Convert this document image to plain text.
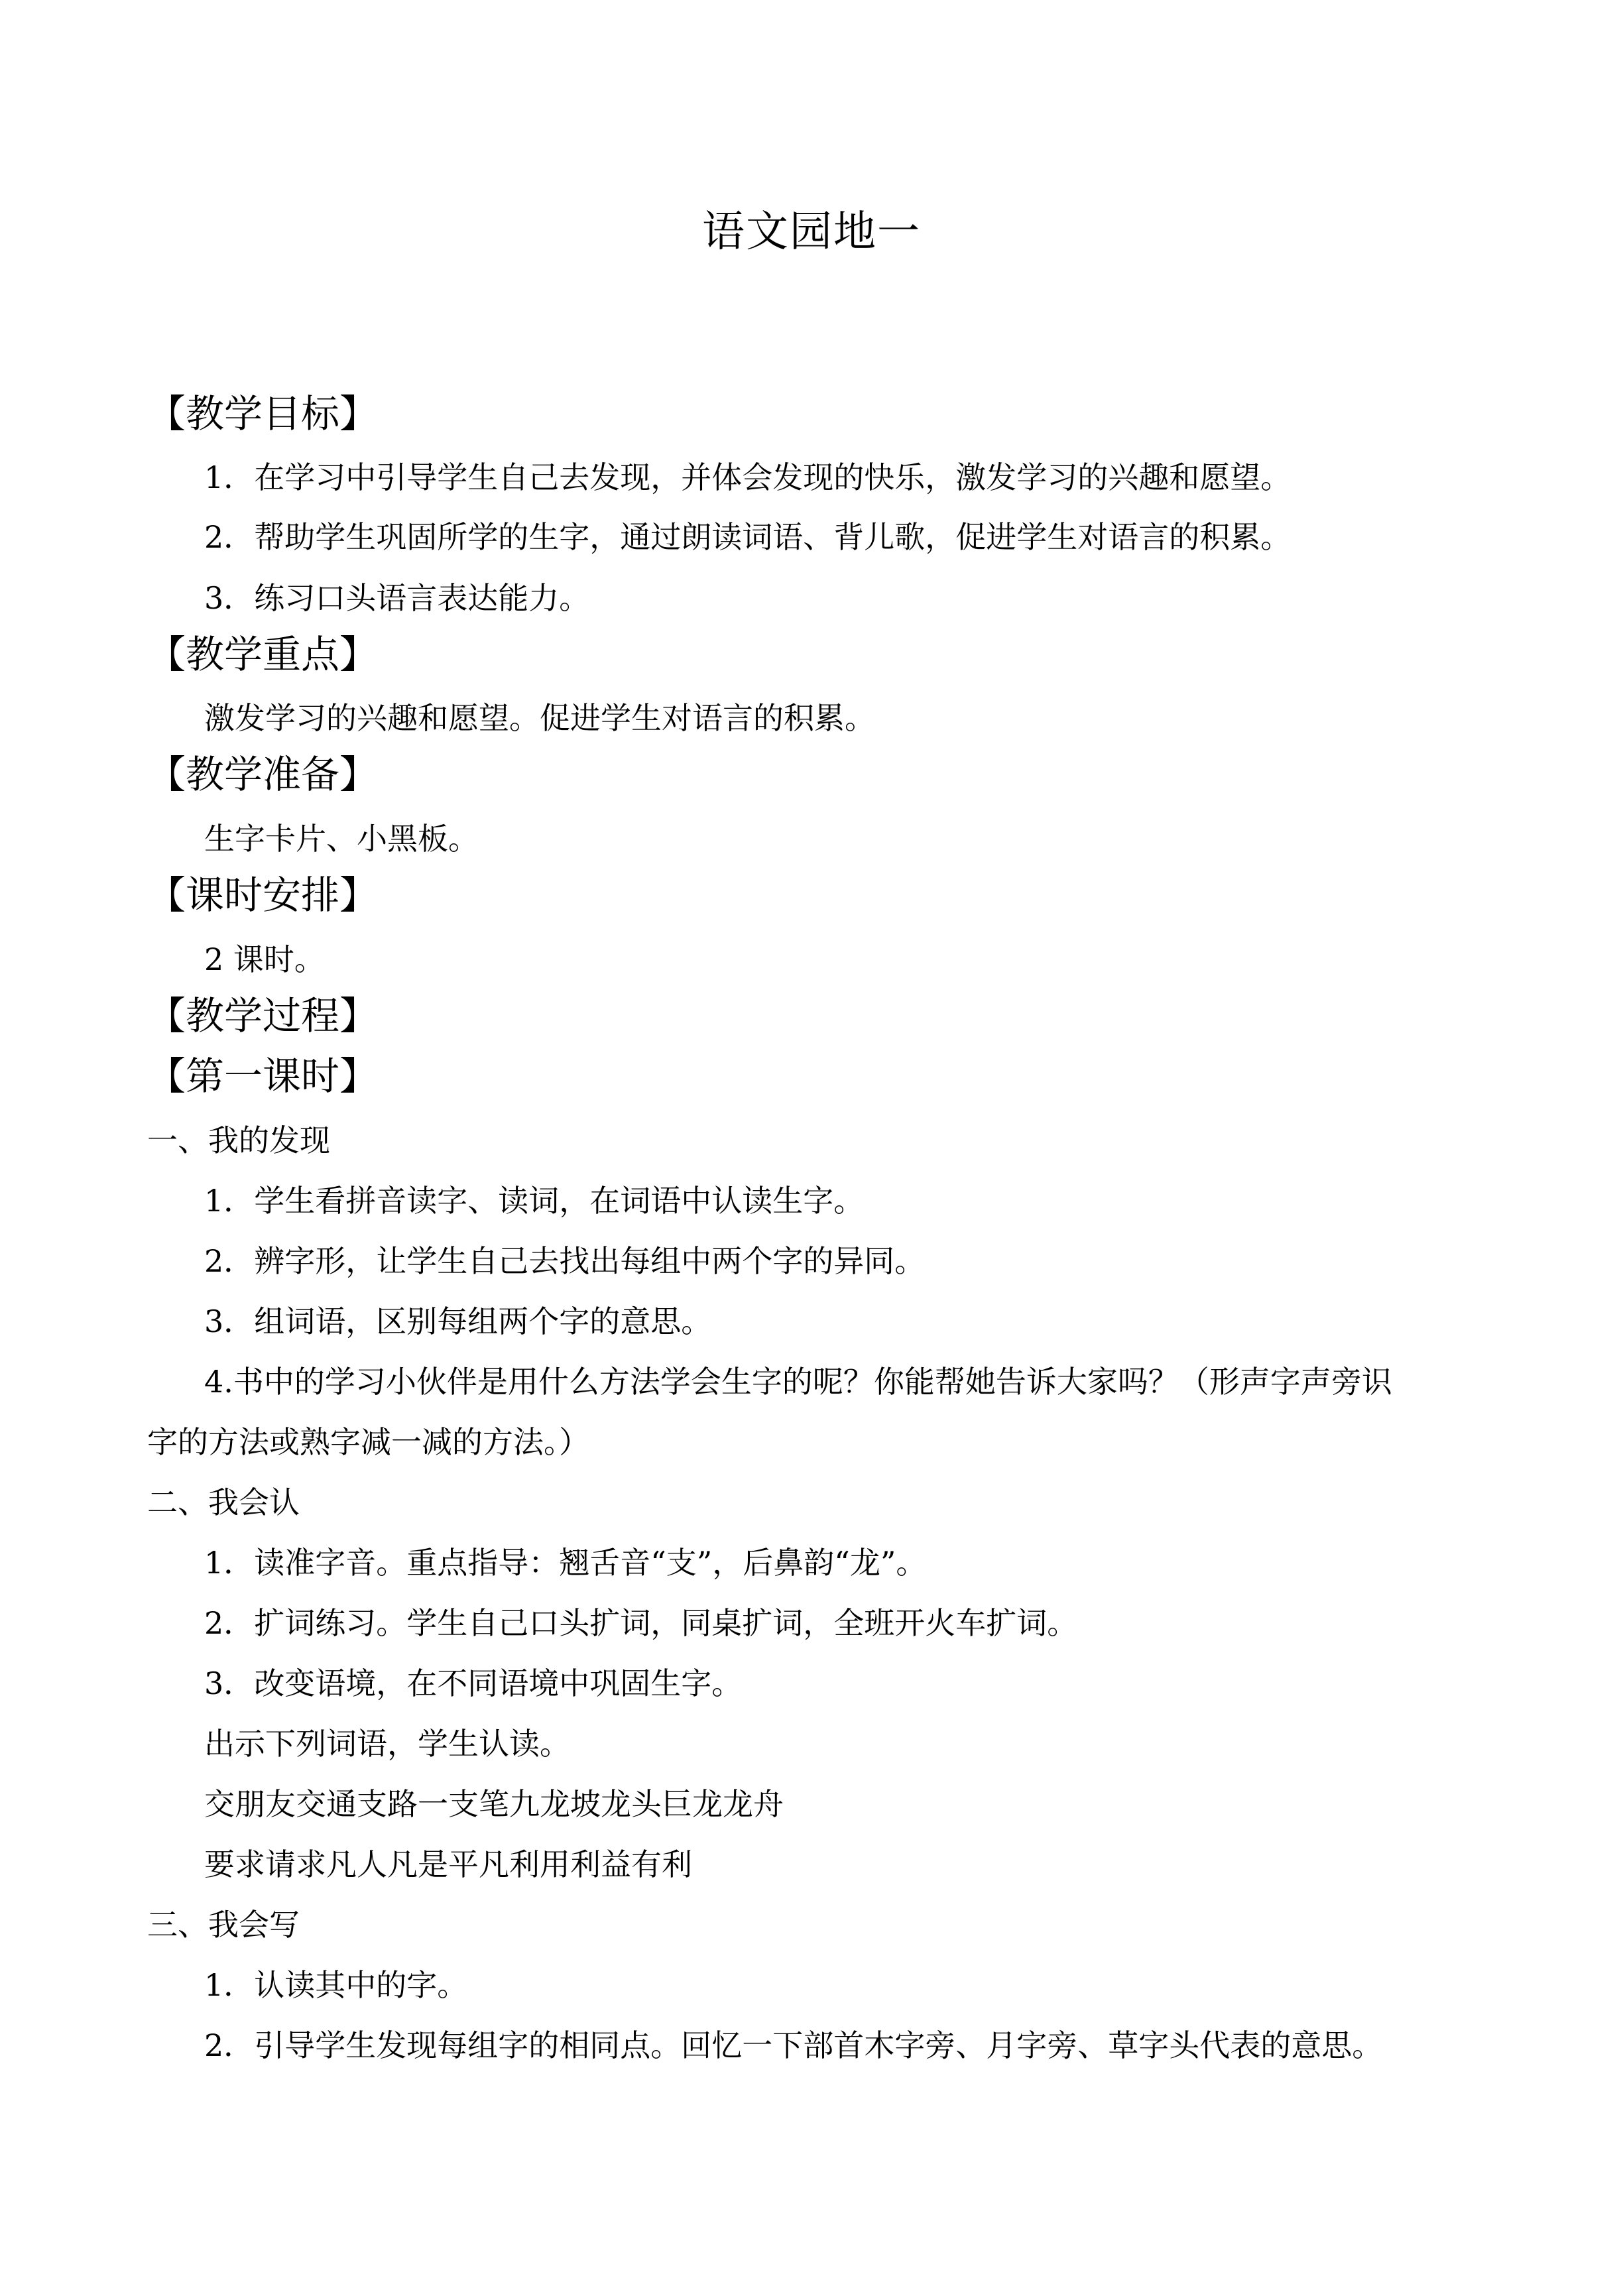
语文园地一
【教学目标】
1．在学习中引导学生自己去发现，并体会发现的快乐，激发学习的兴趣和愿望。
2．帮助学生巩固所学的生字，通过朗读词语、背儿歌，促进学生对语言的积累。
3．练习口头语言表达能力。
【教学重点】
激发学习的兴趣和愿望。促进学生对语言的积累。
【教学准备】
生字卡片、小黑板。
【课时安排】
2 课时。
【教学过程】
【第一课时】
一、我的发现
1．学生看拼音读字、读词，在词语中认读生字。
2．辨字形，让学生自己去找出每组中两个字的异同。
3．组词语，区别每组两个字的意思。
4.书中的学习小伙伴是用什么方法学会生字的呢？你能帮她告诉大家吗？（形声字声旁识
字的方法或熟字减一减的方法。）
二、我会认
1．读准字音。重点指导：翘舌音“支”，后鼻韵“龙”。
2．扩词练习。学生自己口头扩词，同桌扩词，全班开火车扩词。
3．改变语境，在不同语境中巩固生字。
出示下列词语，学生认读。
交朋友交通支路一支笔九龙坡龙头巨龙龙舟
要求请求凡人凡是平凡利用利益有利
三、我会写
1．认读其中的字。
2．引导学生发现每组字的相同点。回忆一下部首木字旁、月字旁、草字头代表的意思。
